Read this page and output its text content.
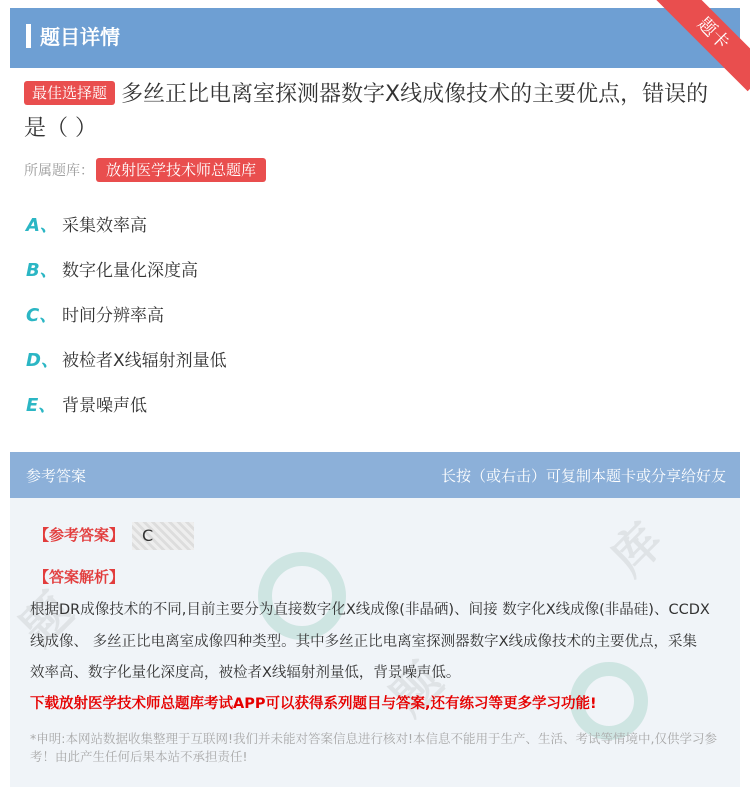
题目详情	题卡
最佳选择题 多丝正比电离室探测器数字X线成像技术的主要优点，错误的是（ ）
所属题库： 放射医学技术师总题库
A、 采集效率高
B、 数字化量化深度高
C、 时间分辨率高
D、 被检者X线辐射剂量低
E、 背景噪声低
题
题
库
参考答案	长按（或右击）可复制本题卡或分享给好友
【参考答案】	C
【答案解析】
根据DR成像技术的不同,目前主要分为直接数字化X线成像(非晶硒)、间接 数字化X线成像(非晶硅)、CCDX线成像、 多丝正比电离室成像四种类型。其中多丝正比电离室探测器数字X线成像技术的主要优点，采集效率高、数字化量化深度高，被检者X线辐射剂量低，背景噪声低。
下载放射医学技术师总题库考试APP可以获得系列题目与答案,还有练习等更多学习功能!
*申明:本网站数据收集整理于互联网!我们并未能对答案信息进行核对!本信息不能用于生产、生活、考试等情境中,仅供学习参考！由此产生任何后果本站不承担责任!
